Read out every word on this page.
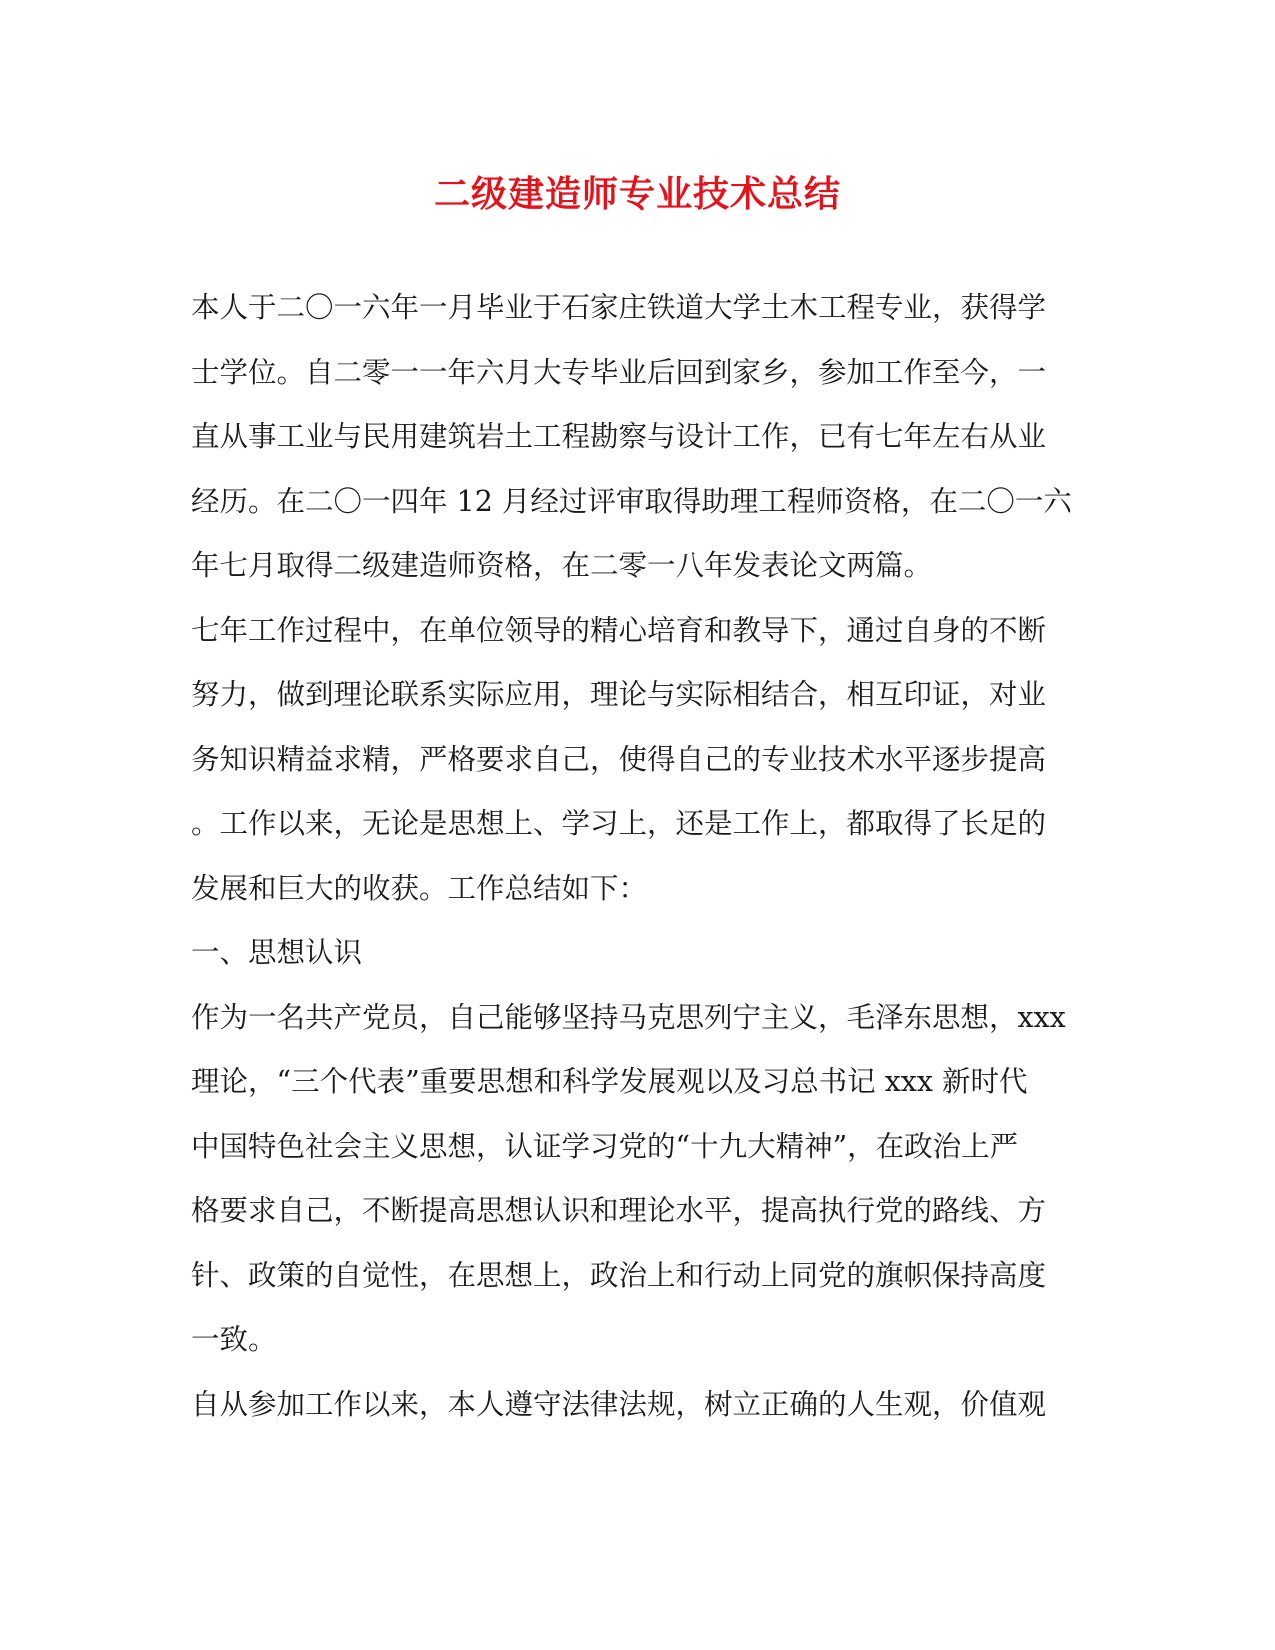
二级建造师专业技术总结
本人于二〇一六年一月毕业于石家庄铁道大学土木工程专业，获得学
士学位。自二零一一年六月大专毕业后回到家乡，参加工作至今，一
直从事工业与民用建筑岩土工程勘察与设计工作，已有七年左右从业
经历。在二〇一四年 12 月经过评审取得助理工程师资格，在二〇一六
年七月取得二级建造师资格，在二零一八年发表论文两篇。
七年工作过程中，在单位领导的精心培育和教导下，通过自身的不断
努力，做到理论联系实际应用，理论与实际相结合，相互印证，对业
务知识精益求精，严格要求自己，使得自己的专业技术水平逐步提高
。工作以来，无论是思想上、学习上，还是工作上，都取得了长足的
发展和巨大的收获。工作总结如下：
一、思想认识
作为一名共产党员，自己能够坚持马克思列宁主义，毛泽东思想，xxx
理论，“三个代表”重要思想和科学发展观以及习总书记 xxx 新时代
中国特色社会主义思想，认证学习党的“十九大精神”，在政治上严
格要求自己，不断提高思想认识和理论水平，提高执行党的路线、方
针、政策的自觉性，在思想上，政治上和行动上同党的旗帜保持高度
一致。
自从参加工作以来，本人遵守法律法规，树立正确的人生观，价值观
